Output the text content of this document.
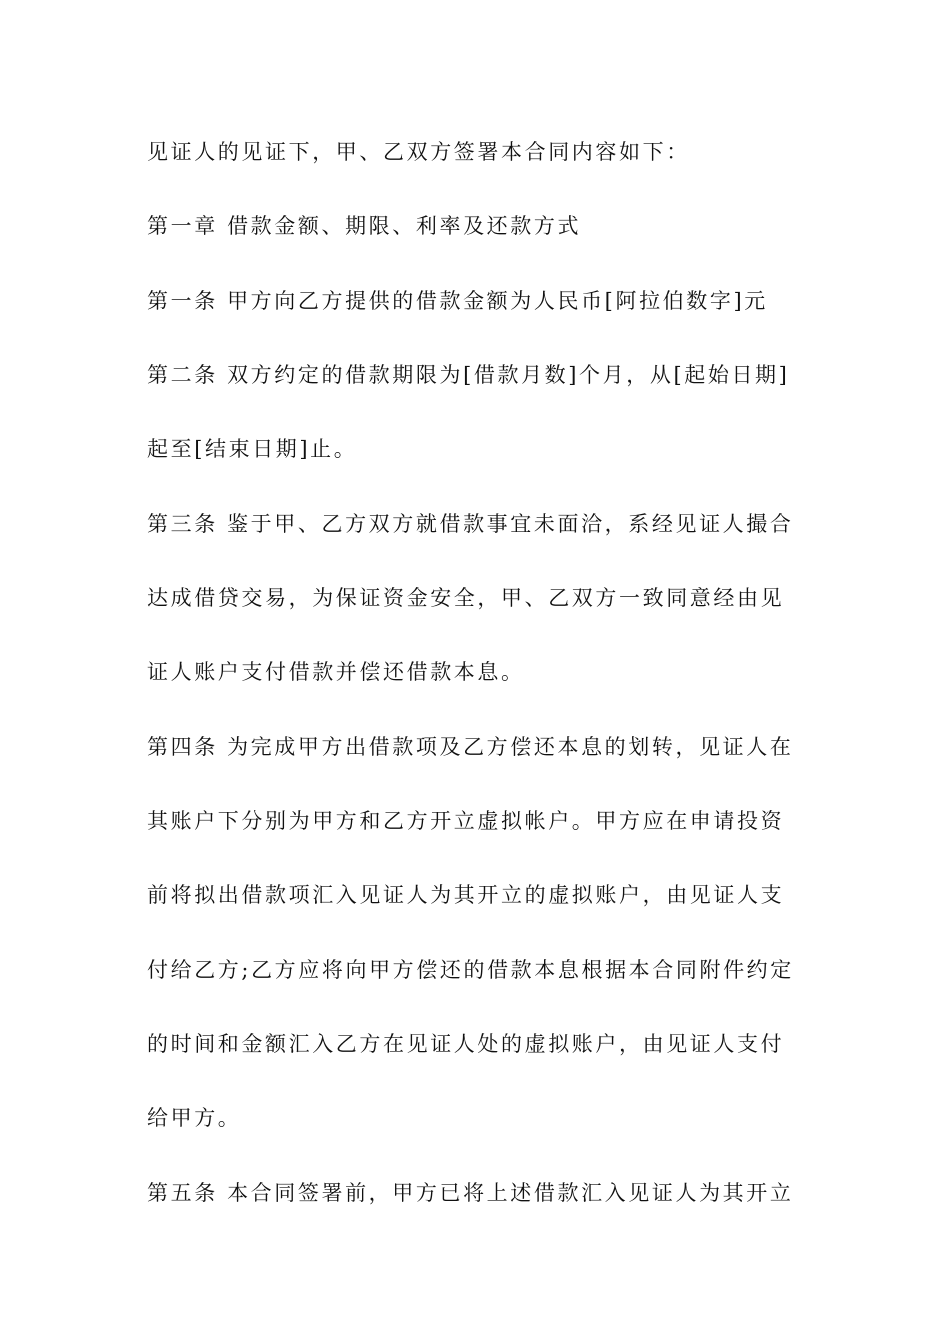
见证人的见证下，甲、乙双方签署本合同内容如下：
第一章 借款金额、期限、利率及还款方式
第一条 甲方向乙方提供的借款金额为人民币[阿拉伯数字]元
第二条 双方约定的借款期限为[借款月数]个月，从[起始日期]
起至[结束日期]止。
第三条 鉴于甲、乙方双方就借款事宜未面洽，系经见证人撮合
达成借贷交易，为保证资金安全，甲、乙双方一致同意经由见
证人账户支付借款并偿还借款本息。
第四条 为完成甲方出借款项及乙方偿还本息的划转，见证人在
其账户下分别为甲方和乙方开立虚拟帐户。甲方应在申请投资
前将拟出借款项汇入见证人为其开立的虚拟账户，由见证人支
付给乙方;乙方应将向甲方偿还的借款本息根据本合同附件约定
的时间和金额汇入乙方在见证人处的虚拟账户，由见证人支付
给甲方。
第五条 本合同签署前，甲方已将上述借款汇入见证人为其开立
